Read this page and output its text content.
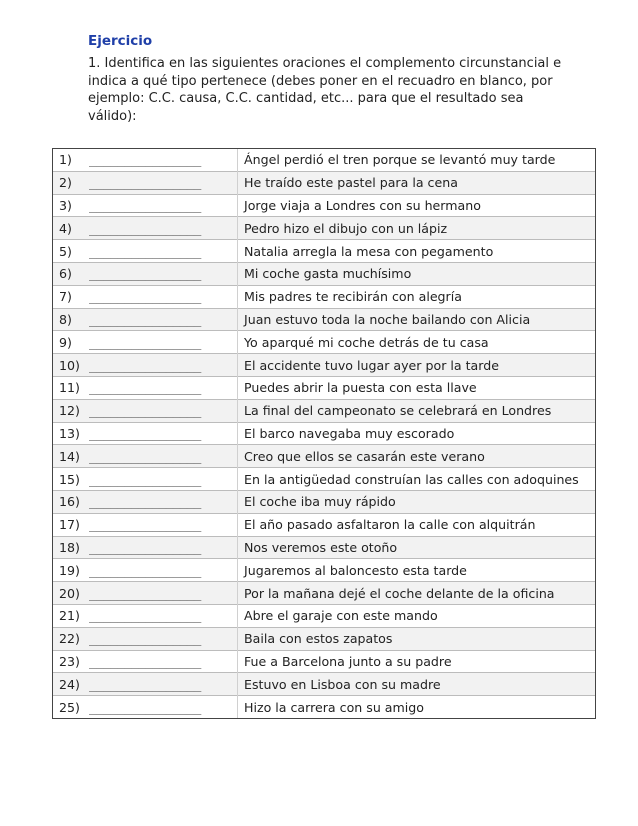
Ejercicio
1. Identifica en las siguientes oraciones el complemento circunstancial e indica a qué tipo pertenece (debes poner en el recuadro en blanco, por ejemplo: C.C. causa, C.C. cantidad, etc... para que el resultado sea válido):
1)	________________	Ángel perdió el tren porque se levantó muy tarde
2)	________________	He traído este pastel para la cena
3)	________________	Jorge viaja a Londres con su hermano
4)	________________	Pedro hizo el dibujo con un lápiz
5)	________________	Natalia arregla la mesa con pegamento
6)	________________	Mi coche gasta muchísimo
7)	________________	Mis padres te recibirán con alegría
8)	________________	Juan estuvo toda la noche bailando con Alicia
9)	________________	Yo aparqué mi coche detrás de tu casa
10)	________________	El accidente tuvo lugar ayer por la tarde
11)	________________	Puedes abrir la puesta con esta llave
12)	________________	La final del campeonato se celebrará en Londres
13)	________________	El barco navegaba muy escorado
14)	________________	Creo que ellos se casarán este verano
15)	________________	En la antigüedad construían las calles con adoquines
16)	________________	El coche iba muy rápido
17)	________________	El año pasado asfaltaron la calle con alquitrán
18)	________________	Nos veremos este otoño
19)	________________	Jugaremos al baloncesto esta tarde
20)	________________	Por la mañana dejé el coche delante de la oficina
21)	________________	Abre el garaje con este mando
22)	________________	Baila con estos zapatos
23)	________________	Fue a Barcelona junto a su padre
24)	________________	Estuvo en Lisboa con su madre
25)	________________	Hizo la carrera con su amigo
